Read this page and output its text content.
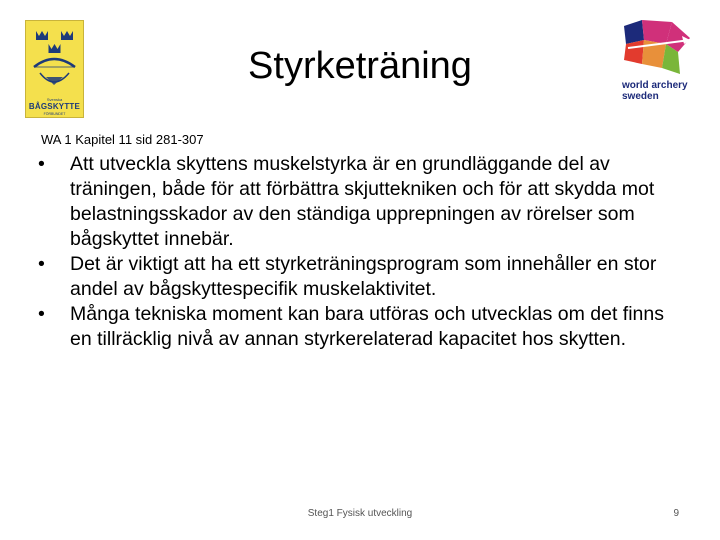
Svenska
BÅGSKYTTE
FÖRBUNDET
Styrketräning	world archery
sweden
WA 1 Kapitel 11 sid 281-307
•	Att utveckla skyttens muskelstyrka är en grundläggande del av träningen, både för att förbättra skjuttekniken och för att skydda mot belastningsskador av den ständiga upprepningen av rörelser som bågskyttet innebär.
•	Det är viktigt att ha ett styrketräningsprogram som innehåller en stor andel av bågskyttespecifik muskelaktivitet.
•	Många tekniska moment kan bara utföras och utvecklas om det finns en tillräcklig nivå av annan styrkerelaterad kapacitet hos skytten.
Steg1 Fysisk utveckling	9
